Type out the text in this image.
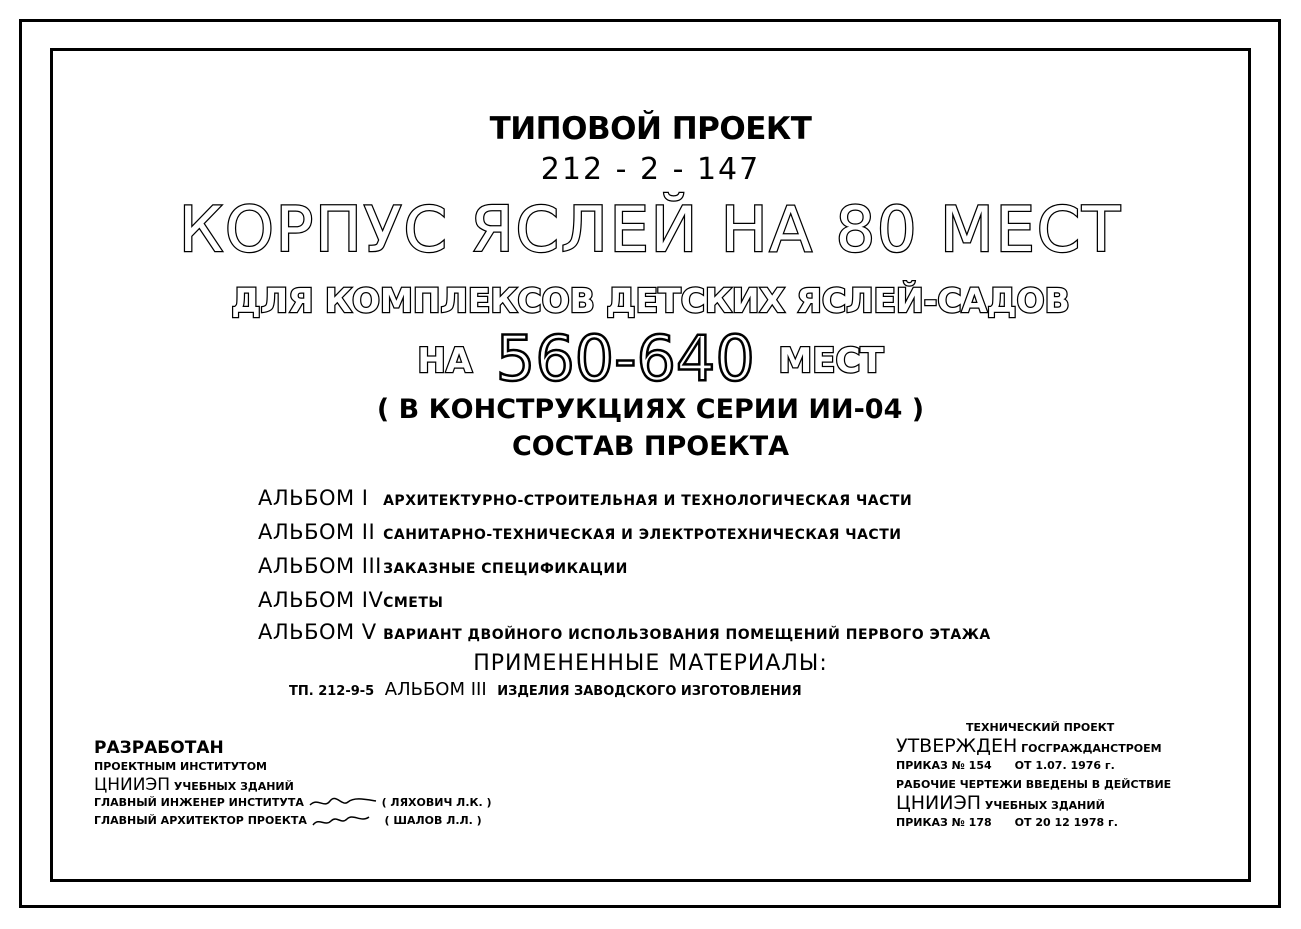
ТИПОВОЙ ПРОЕКТ
212 - 2 - 147
КОРПУС ЯСЛЕЙ НА 80 МЕСТ
ДЛЯ КОМПЛЕКСОВ ДЕТСКИХ ЯСЛЕЙ-САДОВ
НА 560-640 МЕСТ
( В КОНСТРУКЦИЯХ СЕРИИ ИИ-04 )
СОСТАВ ПРОЕКТА
АЛЬБОМ I АРХИТЕКТУРНО-СТРОИТЕЛЬНАЯ И ТЕХНОЛОГИЧЕСКАЯ ЧАСТИ
АЛЬБОМ II САНИТАРНО-ТЕХНИЧЕСКАЯ И ЭЛЕКТРОТЕХНИЧЕСКАЯ ЧАСТИ
АЛЬБОМ III ЗАКАЗНЫЕ СПЕЦИФИКАЦИИ
АЛЬБОМ IV СМЕТЫ
АЛЬБОМ V ВАРИАНТ ДВОЙНОГО ИСПОЛЬЗОВАНИЯ ПОМЕЩЕНИЙ ПЕРВОГО ЭТАЖА
ПРИМЕНЕННЫЕ МАТЕРИАЛЫ:
ТП. 212-9-5 АЛЬБОМ III ИЗДЕЛИЯ ЗАВОДСКОГО ИЗГОТОВЛЕНИЯ
РАЗРАБОТАН
ПРОЕКТНЫМ ИНСТИТУТОМ
ЦНИИЭП УЧЕБНЫХ ЗДАНИЙ
ГЛАВНЫЙ ИНЖЕНЕР ИНСТИТУТА	( ЛЯХОВИЧ Л.К. )
ГЛАВНЫЙ АРХИТЕКТОР ПРОЕКТА	( ШАЛОВ Л.Л. )
ТЕХНИЧЕСКИЙ ПРОЕКТ
УТВЕРЖДЕН ГОСГРАЖДАНСТРОЕМ
ПРИКАЗ № 154 ОТ 1.07. 1976 г.
РАБОЧИЕ ЧЕРТЕЖИ ВВЕДЕНЫ В ДЕЙСТВИЕ
ЦНИИЭП УЧЕБНЫХ ЗДАНИЙ
ПРИКАЗ № 178 ОТ 20 12 1978 г.
